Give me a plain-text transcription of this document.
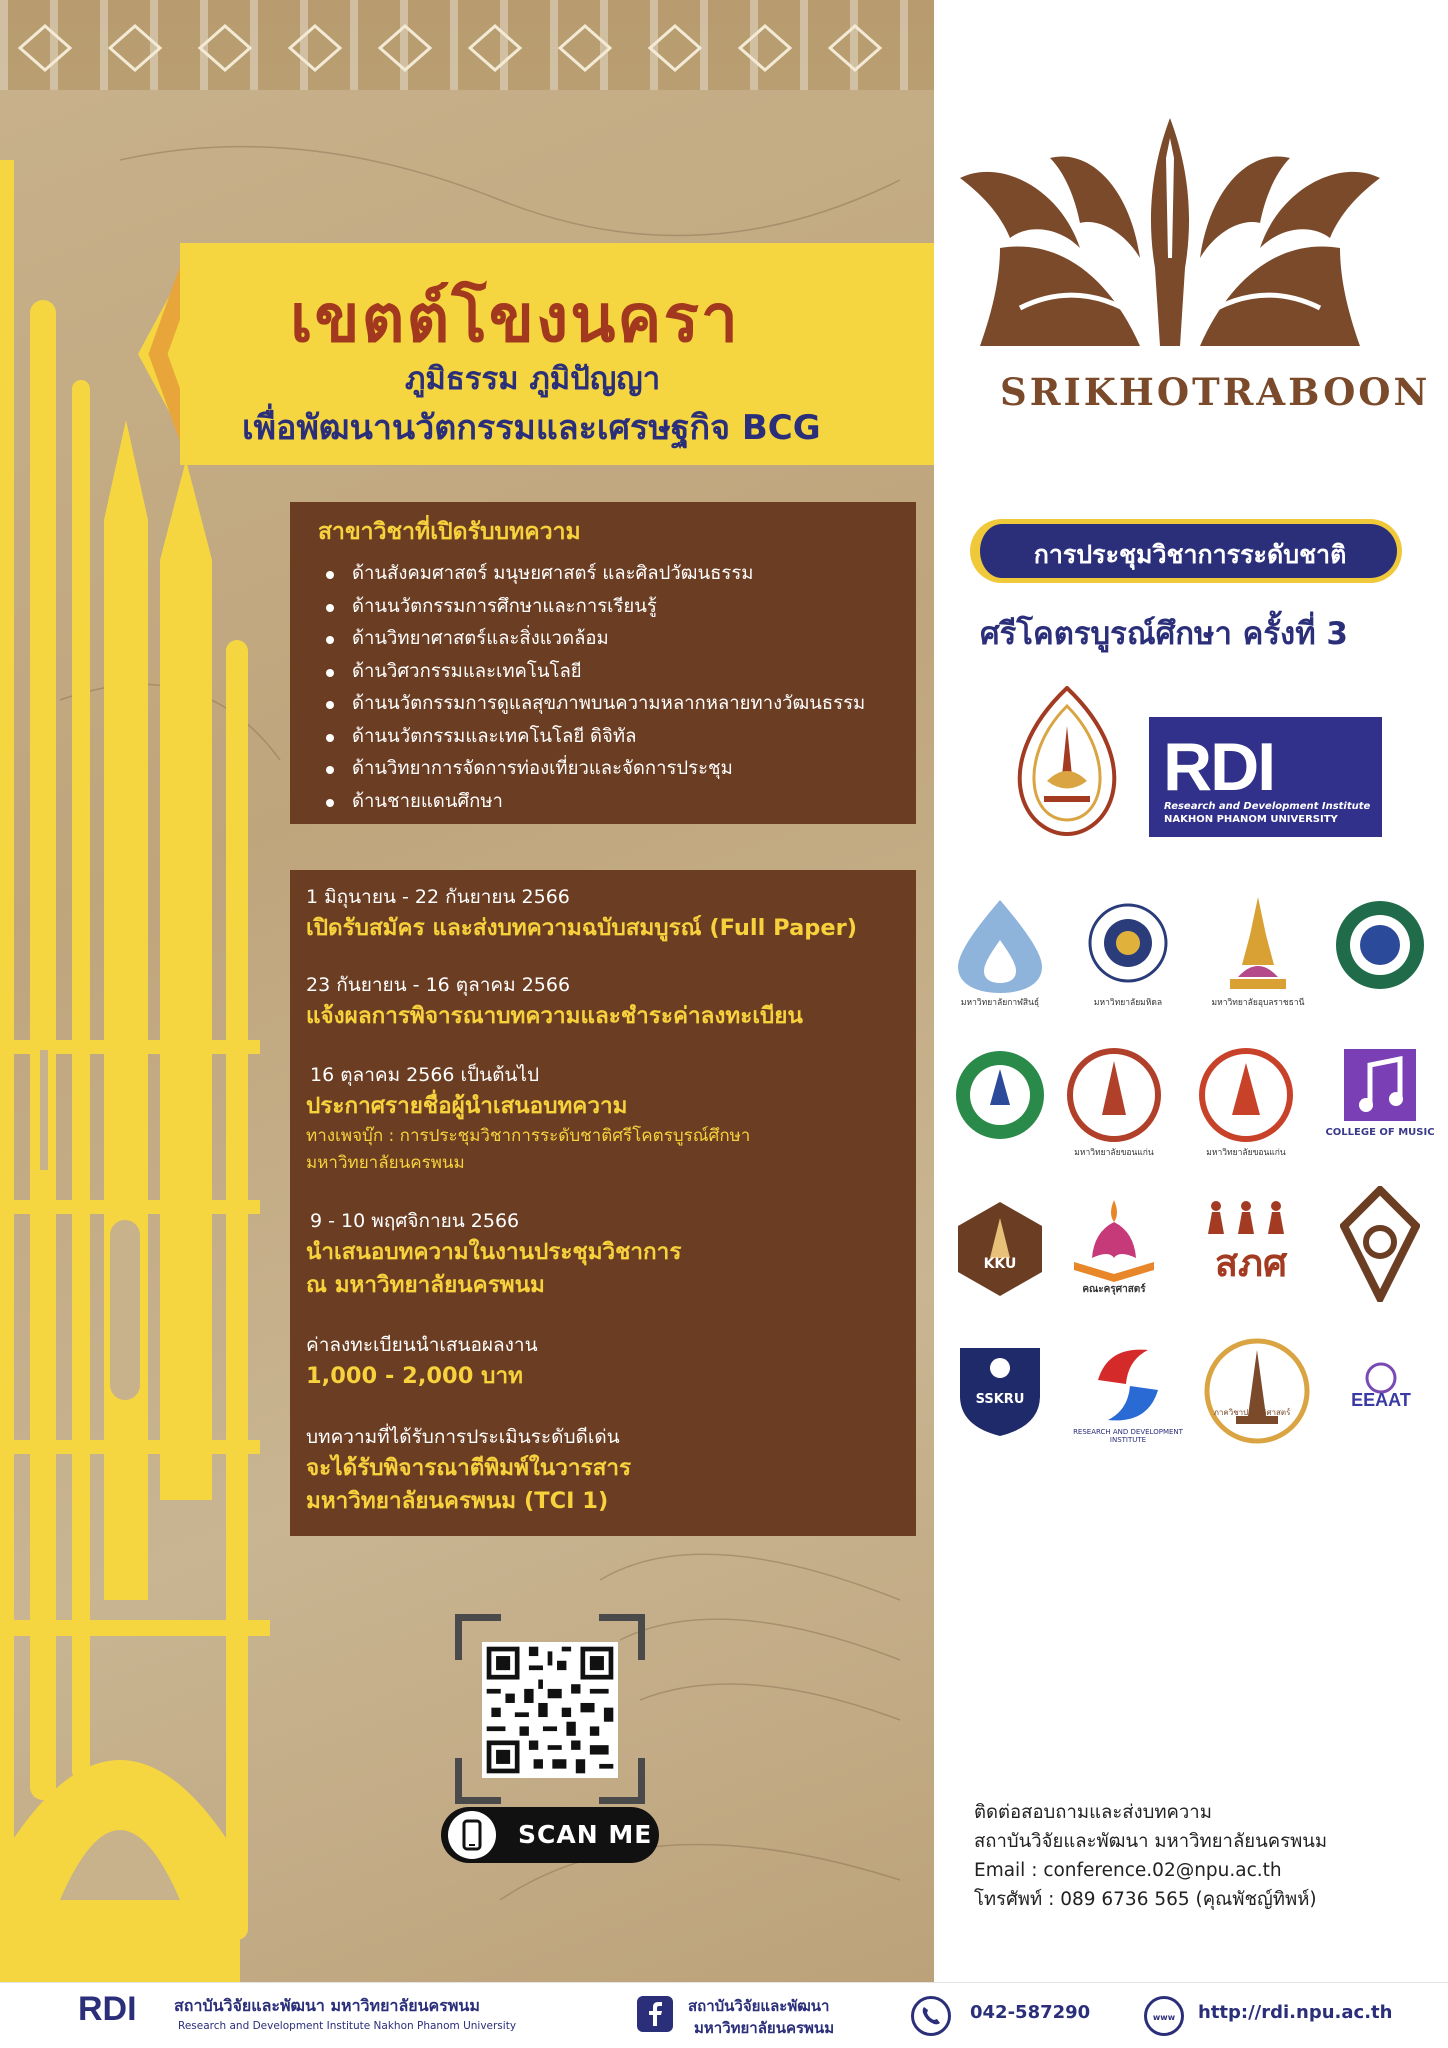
เขตต์โขงนครา
ภูมิธรรม ภูมิปัญญา
เพื่อพัฒนานวัตกรรมและเศรษฐกิจ BCG
สาขาวิชาที่เปิดรับบทความ
ด้านสังคมศาสตร์ มนุษยศาสตร์ และศิลปวัฒนธรรม
ด้านนวัตกรรมการศึกษาและการเรียนรู้
ด้านวิทยาศาสตร์และสิ่งแวดล้อม
ด้านวิศวกรรมและเทคโนโลยี
ด้านนวัตกรรมการดูแลสุขภาพบนความหลากหลายทางวัฒนธรรม
ด้านนวัตกรรมและเทคโนโลยี ดิจิทัล
ด้านวิทยาการจัดการท่องเที่ยวและจัดการประชุม
ด้านชายแดนศึกษา
1 มิถุนายน - 22 กันยายน 2566
เปิดรับสมัคร และส่งบทความฉบับสมบูรณ์ (Full Paper)
23 กันยายน - 16 ตุลาคม 2566
แจ้งผลการพิจารณาบทความและชำระค่าลงทะเบียน
16 ตุลาคม 2566 เป็นต้นไป
ประกาศรายชื่อผู้นำเสนอบทความ
ทางเพจบุ๊ก : การประชุมวิชาการระดับชาติศรีโคตรบูรณ์ศึกษา
มหาวิทยาลัยนครพนม
9 - 10 พฤศจิกายน 2566
นำเสนอบทความในงานประชุมวิชาการ
ณ มหาวิทยาลัยนครพนม
ค่าลงทะเบียนนำเสนอผลงาน
1,000 - 2,000 บาท
บทความที่ได้รับการประเมินระดับดีเด่น
จะได้รับพิจารณาตีพิมพ์ในวารสาร
มหาวิทยาลัยนครพนม (TCI 1)
SCAN ME
SRIKHOTRABOON
การประชุมวิชาการระดับชาติ
ศรีโคตรบูรณ์ศึกษา ครั้งที่ 3
RDI
Research and Development Institute
NAKHON PHANOM UNIVERSITY
มหาวิทยาลัยกาฬสินธุ์	มหาวิทยาลัยมหิดล	มหาวิทยาลัยอุบลราชธานี
มหาวิทยาลัยขอนแก่น	มหาวิทยาลัยขอนแก่น
COLLEGE OF MUSIC
KKU
คณะครุศาสตร์
สภศ
SSKRU
RESEARCH AND DEVELOPMENT INSTITUTE
ภาควิชาประวัติศาสตร์
EEAAT
ติดต่อสอบถามและส่งบทความ
สถาบันวิจัยและพัฒนา มหาวิทยาลัยนครพนม
Email : conference.02@npu.ac.th
โทรศัพท์ : 089 6736 565 (คุณพัชญ์ทิพห์)
RDI สถาบันวิจัยและพัฒนา มหาวิทยาลัยนครพนม
Research and Development Institute Nakhon Phanom University
สถาบันวิจัยและพัฒนา
มหาวิทยาลัยนครพนม
042-587290	www http://rdi.npu.ac.th
